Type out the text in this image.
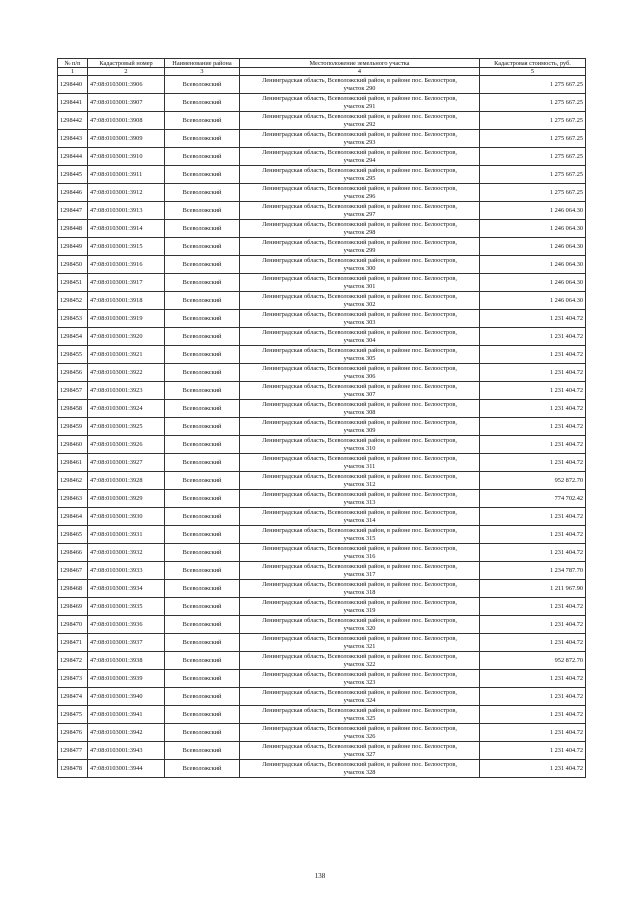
№ п/п	Кадастровый номер	Наименование района	Местоположение земельного участка	Кадастровая стоимость, руб.
1	2	3	4	5
1298440	47:08:0103001:3906	Всеволожский	Ленинградская область, Всеволожский район, в районе пос. Белоостров,
участок 290	1 275 667.25
1298441	47:08:0103001:3907	Всеволожский	Ленинградская область, Всеволожский район, в районе пос. Белоостров,
участок 291	1 275 667.25
1298442	47:08:0103001:3908	Всеволожский	Ленинградская область, Всеволожский район, в районе пос. Белоостров,
участок 292	1 275 667.25
1298443	47:08:0103001:3909	Всеволожский	Ленинградская область, Всеволожский район, в районе пос. Белоостров,
участок 293	1 275 667.25
1298444	47:08:0103001:3910	Всеволожский	Ленинградская область, Всеволожский район, в районе пос. Белоостров,
участок 294	1 275 667.25
1298445	47:08:0103001:3911	Всеволожский	Ленинградская область, Всеволожский район, в районе пос. Белоостров,
участок 295	1 275 667.25
1298446	47:08:0103001:3912	Всеволожский	Ленинградская область, Всеволожский район, в районе пос. Белоостров,
участок 296	1 275 667.25
1298447	47:08:0103001:3913	Всеволожский	Ленинградская область, Всеволожский район, в районе пос. Белоостров,
участок 297	1 246 064.30
1298448	47:08:0103001:3914	Всеволожский	Ленинградская область, Всеволожский район, в районе пос. Белоостров,
участок 298	1 246 064.30
1298449	47:08:0103001:3915	Всеволожский	Ленинградская область, Всеволожский район, в районе пос. Белоостров,
участок 299	1 246 064.30
1298450	47:08:0103001:3916	Всеволожский	Ленинградская область, Всеволожский район, в районе пос. Белоостров,
участок 300	1 246 064.30
1298451	47:08:0103001:3917	Всеволожский	Ленинградская область, Всеволожский район, в районе пос. Белоостров,
участок 301	1 246 064.30
1298452	47:08:0103001:3918	Всеволожский	Ленинградская область, Всеволожский район, в районе пос. Белоостров,
участок 302	1 246 064.30
1298453	47:08:0103001:3919	Всеволожский	Ленинградская область, Всеволожский район, в районе пос. Белоостров,
участок 303	1 231 404.72
1298454	47:08:0103001:3920	Всеволожский	Ленинградская область, Всеволожский район, в районе пос. Белоостров,
участок 304	1 231 404.72
1298455	47:08:0103001:3921	Всеволожский	Ленинградская область, Всеволожский район, в районе пос. Белоостров,
участок 305	1 231 404.72
1298456	47:08:0103001:3922	Всеволожский	Ленинградская область, Всеволожский район, в районе пос. Белоостров,
участок 306	1 231 404.72
1298457	47:08:0103001:3923	Всеволожский	Ленинградская область, Всеволожский район, в районе пос. Белоостров,
участок 307	1 231 404.72
1298458	47:08:0103001:3924	Всеволожский	Ленинградская область, Всеволожский район, в районе пос. Белоостров,
участок 308	1 231 404.72
1298459	47:08:0103001:3925	Всеволожский	Ленинградская область, Всеволожский район, в районе пос. Белоостров,
участок 309	1 231 404.72
1298460	47:08:0103001:3926	Всеволожский	Ленинградская область, Всеволожский район, в районе пос. Белоостров,
участок 310	1 231 404.72
1298461	47:08:0103001:3927	Всеволожский	Ленинградская область, Всеволожский район, в районе пос. Белоостров,
участок 311	1 231 404.72
1298462	47:08:0103001:3928	Всеволожский	Ленинградская область, Всеволожский район, в районе пос. Белоостров,
участок 312	952 872.70
1298463	47:08:0103001:3929	Всеволожский	Ленинградская область, Всеволожский район, в районе пос. Белоостров,
участок 313	774 702.42
1298464	47:08:0103001:3930	Всеволожский	Ленинградская область, Всеволожский район, в районе пос. Белоостров,
участок 314	1 231 404.72
1298465	47:08:0103001:3931	Всеволожский	Ленинградская область, Всеволожский район, в районе пос. Белоостров,
участок 315	1 231 404.72
1298466	47:08:0103001:3932	Всеволожский	Ленинградская область, Всеволожский район, в районе пос. Белоостров,
участок 316	1 231 404.72
1298467	47:08:0103001:3933	Всеволожский	Ленинградская область, Всеволожский район, в районе пос. Белоостров,
участок 317	1 234 787.70
1298468	47:08:0103001:3934	Всеволожский	Ленинградская область, Всеволожский район, в районе пос. Белоостров,
участок 318	1 211 967.90
1298469	47:08:0103001:3935	Всеволожский	Ленинградская область, Всеволожский район, в районе пос. Белоостров,
участок 319	1 231 404.72
1298470	47:08:0103001:3936	Всеволожский	Ленинградская область, Всеволожский район, в районе пос. Белоостров,
участок 320	1 231 404.72
1298471	47:08:0103001:3937	Всеволожский	Ленинградская область, Всеволожский район, в районе пос. Белоостров,
участок 321	1 231 404.72
1298472	47:08:0103001:3938	Всеволожский	Ленинградская область, Всеволожский район, в районе пос. Белоостров,
участок 322	952 872.70
1298473	47:08:0103001:3939	Всеволожский	Ленинградская область, Всеволожский район, в районе пос. Белоостров,
участок 323	1 231 404.72
1298474	47:08:0103001:3940	Всеволожский	Ленинградская область, Всеволожский район, в районе пос. Белоостров,
участок 324	1 231 404.72
1298475	47:08:0103001:3941	Всеволожский	Ленинградская область, Всеволожский район, в районе пос. Белоостров,
участок 325	1 231 404.72
1298476	47:08:0103001:3942	Всеволожский	Ленинградская область, Всеволожский район, в районе пос. Белоостров,
участок 326	1 231 404.72
1298477	47:08:0103001:3943	Всеволожский	Ленинградская область, Всеволожский район, в районе пос. Белоостров,
участок 327	1 231 404.72
1298478	47:08:0103001:3944	Всеволожский	Ленинградская область, Всеволожский район, в районе пос. Белоостров,
участок 328	1 231 404.72
138
